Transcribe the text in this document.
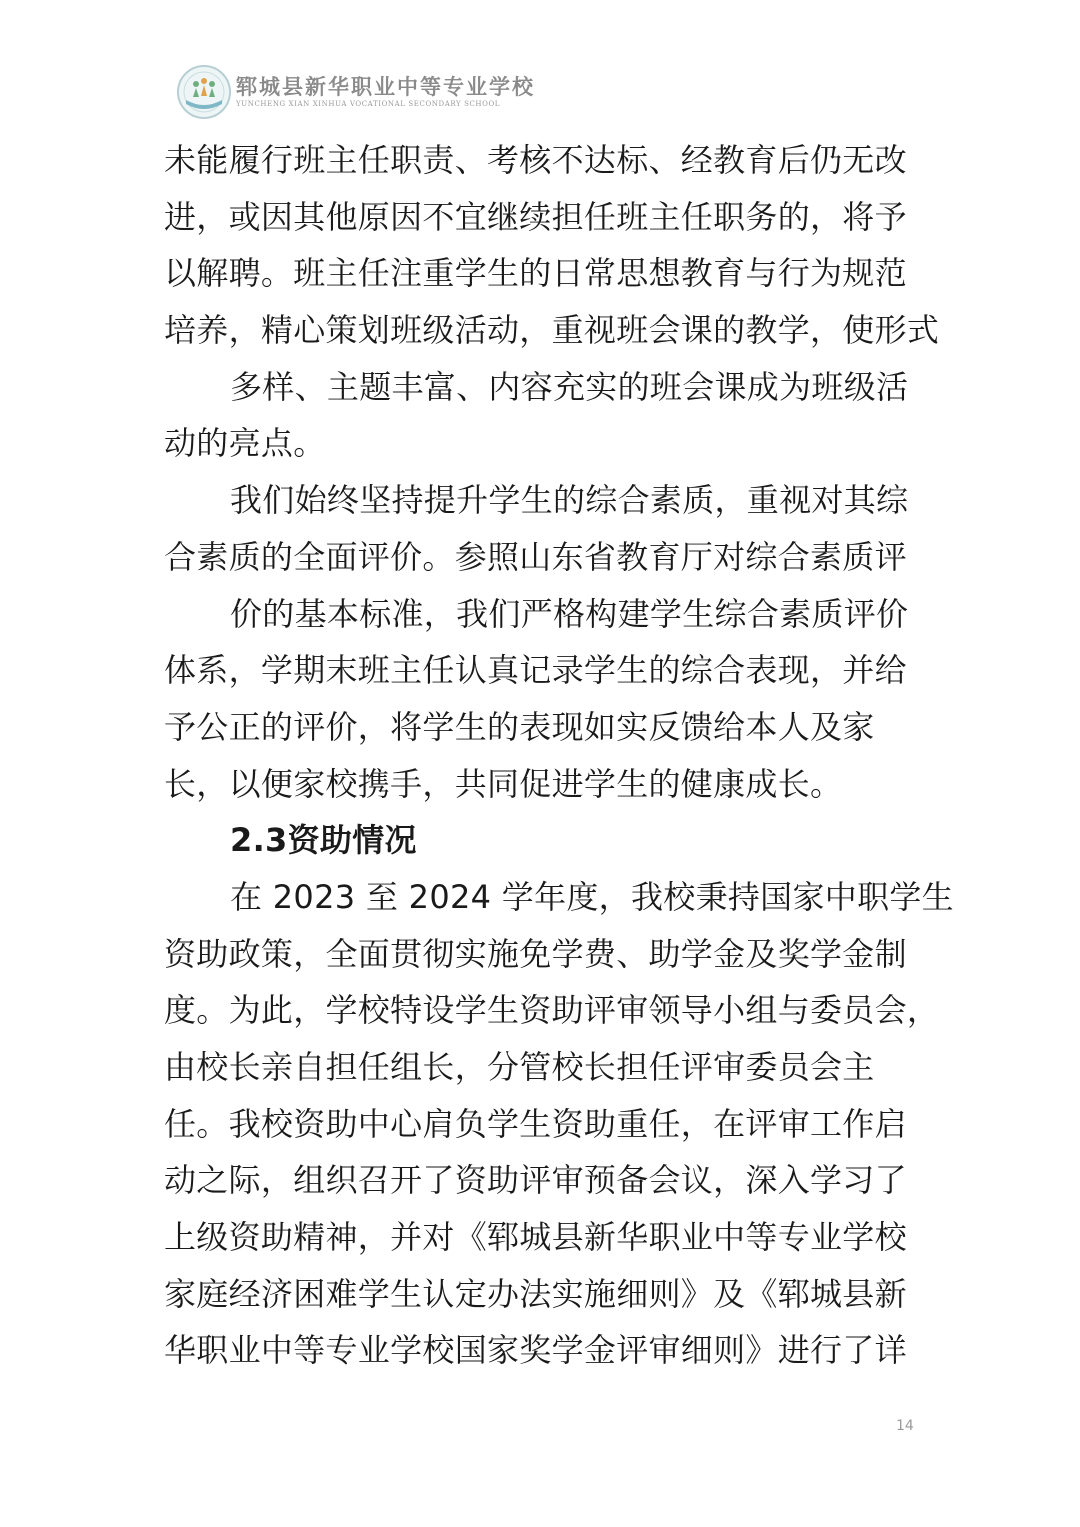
郓城县新华职业中等专业学校
YUNCHENG XIAN XINHUA VOCATIONAL SECONDARY SCHOOL
未能履行班主任职责、考核不达标、经教育后仍无改
进，或因其他原因不宜继续担任班主任职务的，将予
以解聘。班主任注重学生的日常思想教育与行为规范
培养，精心策划班级活动，重视班会课的教学，使形式
多样、主题丰富、内容充实的班会课成为班级活
动的亮点。
我们始终坚持提升学生的综合素质，重视对其综
合素质的全面评价。参照山东省教育厅对综合素质评
价的基本标准，我们严格构建学生综合素质评价
体系，学期末班主任认真记录学生的综合表现，并给
予公正的评价，将学生的表现如实反馈给本人及家
长，以便家校携手，共同促进学生的健康成长。
2.3资助情况
在 2023 至 2024 学年度，我校秉持国家中职学生
资助政策，全面贯彻实施免学费、助学金及奖学金制
度。为此，学校特设学生资助评审领导小组与委员会，
由校长亲自担任组长，分管校长担任评审委员会主
任。我校资助中心肩负学生资助重任，在评审工作启
动之际，组织召开了资助评审预备会议，深入学习了
上级资助精神，并对《郓城县新华职业中等专业学校
家庭经济困难学生认定办法实施细则》及《郓城县新
华职业中等专业学校国家奖学金评审细则》进行了详
14
